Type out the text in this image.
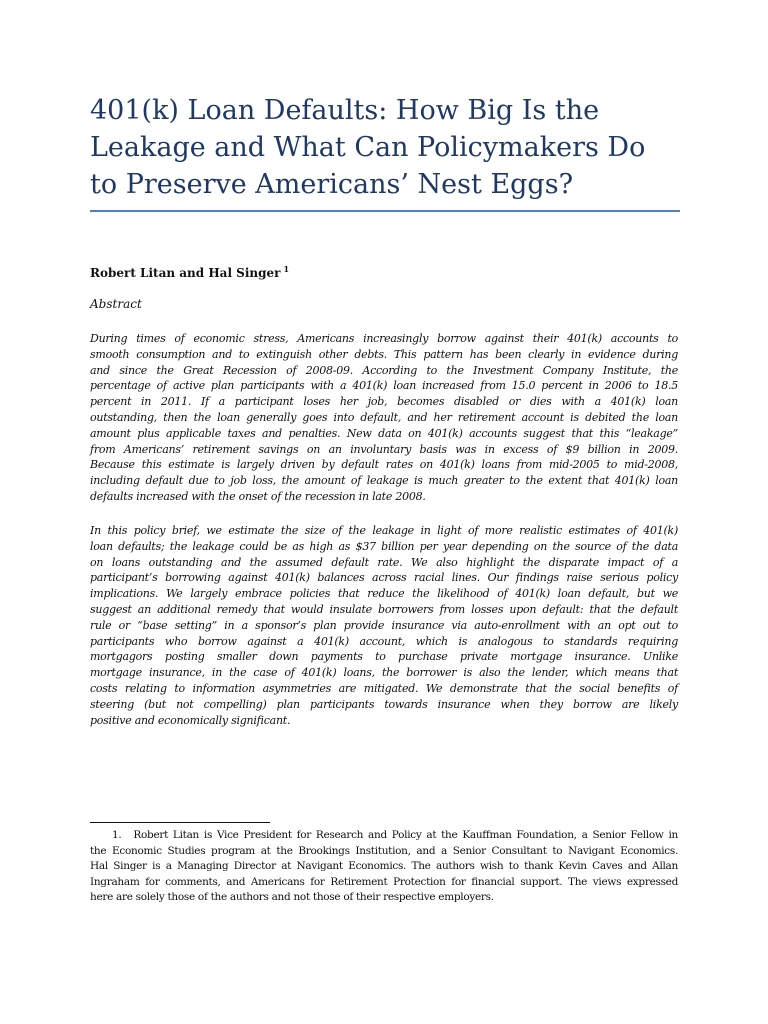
401(k) Loan Defaults: How Big Is the
Leakage and What Can Policymakers Do
to Preserve Americans’ Nest Eggs?
Robert Litan and Hal Singer $^1$
Abstract

During times of economic stress, Americans increasingly borrow against their 401(k) accounts to
smooth consumption and to extinguish other debts. This pattern has been clearly in evidence during
and since the Great Recession of 2008-09. According to the Investment Company Institute, the
percentage of active plan participants with a 401(k) loan increased from 15.0 percent in 2006 to 18.5
percent in 2011. If a participant loses her job, becomes disabled or dies with a 401(k) loan
outstanding, then the loan generally goes into default, and her retirement account is debited the loan
amount plus applicable taxes and penalties. New data on 401(k) accounts suggest that this “leakage”
from Americans’ retirement savings on an involuntary basis was in excess of $9 billion in 2009.
Because this estimate is largely driven by default rates on 401(k) loans from mid-2005 to mid-2008,
including default due to job loss, the amount of leakage is much greater to the extent that 401(k) loan
defaults increased with the onset of the recession in late 2008.

In this policy brief, we estimate the size of the leakage in light of more realistic estimates of 401(k)
loan defaults; the leakage could be as high as $37 billion per year depending on the source of the data
on loans outstanding and the assumed default rate. We also highlight the disparate impact of a
participant’s borrowing against 401(k) balances across racial lines. Our findings raise serious policy
implications. We largely embrace policies that reduce the likelihood of 401(k) loan default, but we
suggest an additional remedy that would insulate borrowers from losses upon default: that the default
rule or “base setting” in a sponsor’s plan provide insurance via auto-enrollment with an opt out to
participants who borrow against a 401(k) account, which is analogous to standards requiring
mortgagors posting smaller down payments to purchase private mortgage insurance. Unlike
mortgage insurance, in the case of 401(k) loans, the borrower is also the lender, which means that
costs relating to information asymmetries are mitigated. We demonstrate that the social benefits of
steering (but not compelling) plan participants towards insurance when they borrow are likely
positive and economically significant.

1. Robert Litan is Vice President for Research and Policy at the Kauffman Foundation, a Senior Fellow in
the Economic Studies program at the Brookings Institution, and a Senior Consultant to Navigant Economics.
Hal Singer is a Managing Director at Navigant Economics. The authors wish to thank Kevin Caves and Allan
Ingraham for comments, and Americans for Retirement Protection for financial support. The views expressed
here are solely those of the authors and not those of their respective employers.
